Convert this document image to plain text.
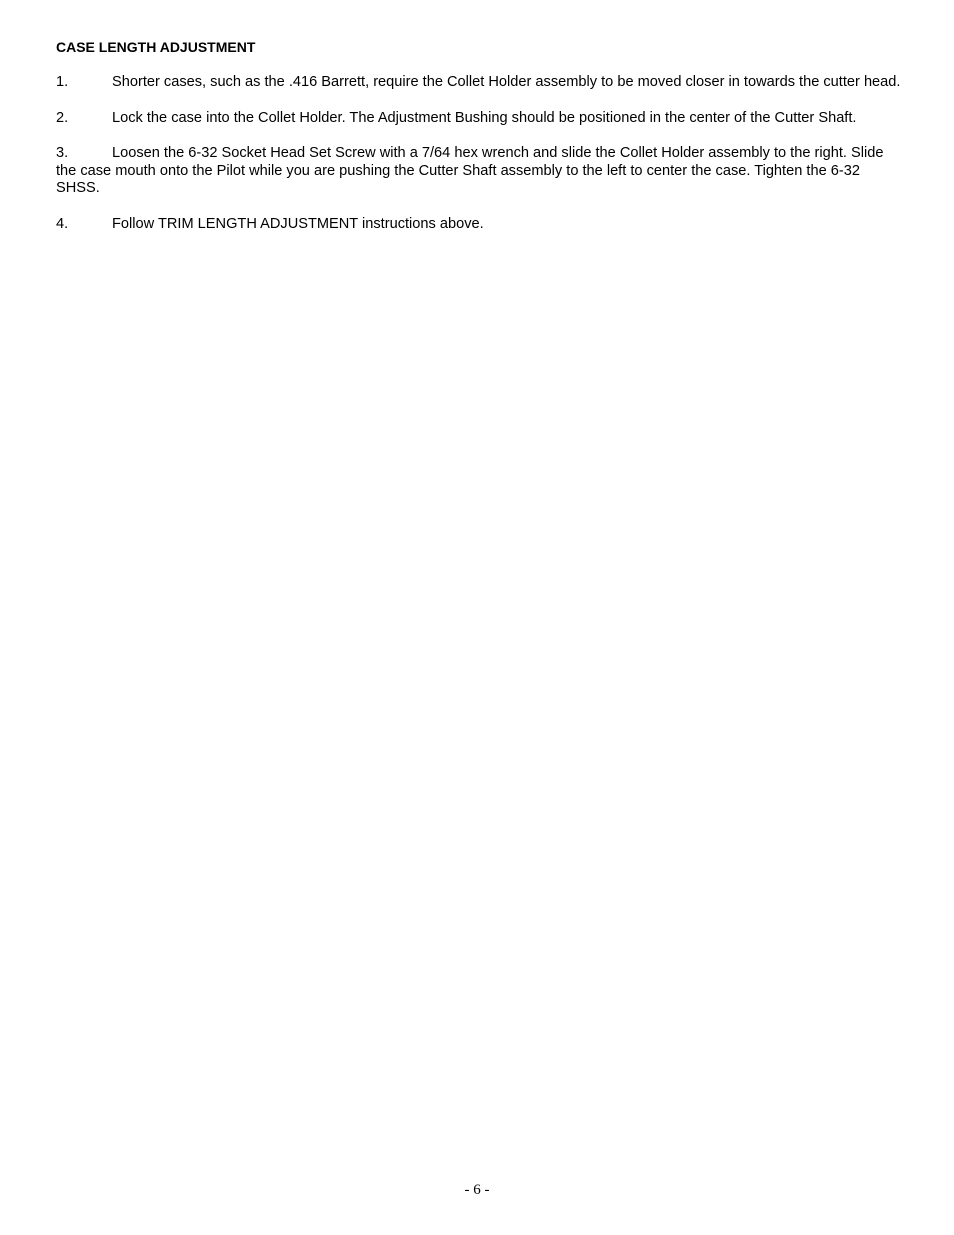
CASE LENGTH ADJUSTMENT

1.	Shorter cases, such as the .416 Barrett, require the Collet Holder assembly to be moved closer in towards the cutter head.

2.	Lock the case into the Collet Holder. The Adjustment Bushing should be positioned in the center of the Cutter Shaft.

3.	Loosen the 6-32 Socket Head Set Screw with a 7/64 hex wrench and slide the Collet Holder assembly to the right. Slide the case mouth onto the Pilot while you are pushing the Cutter Shaft assembly to the left to center the case. Tighten the 6-32 SHSS.

4.	Follow TRIM LENGTH ADJUSTMENT instructions above.

- 6 -
